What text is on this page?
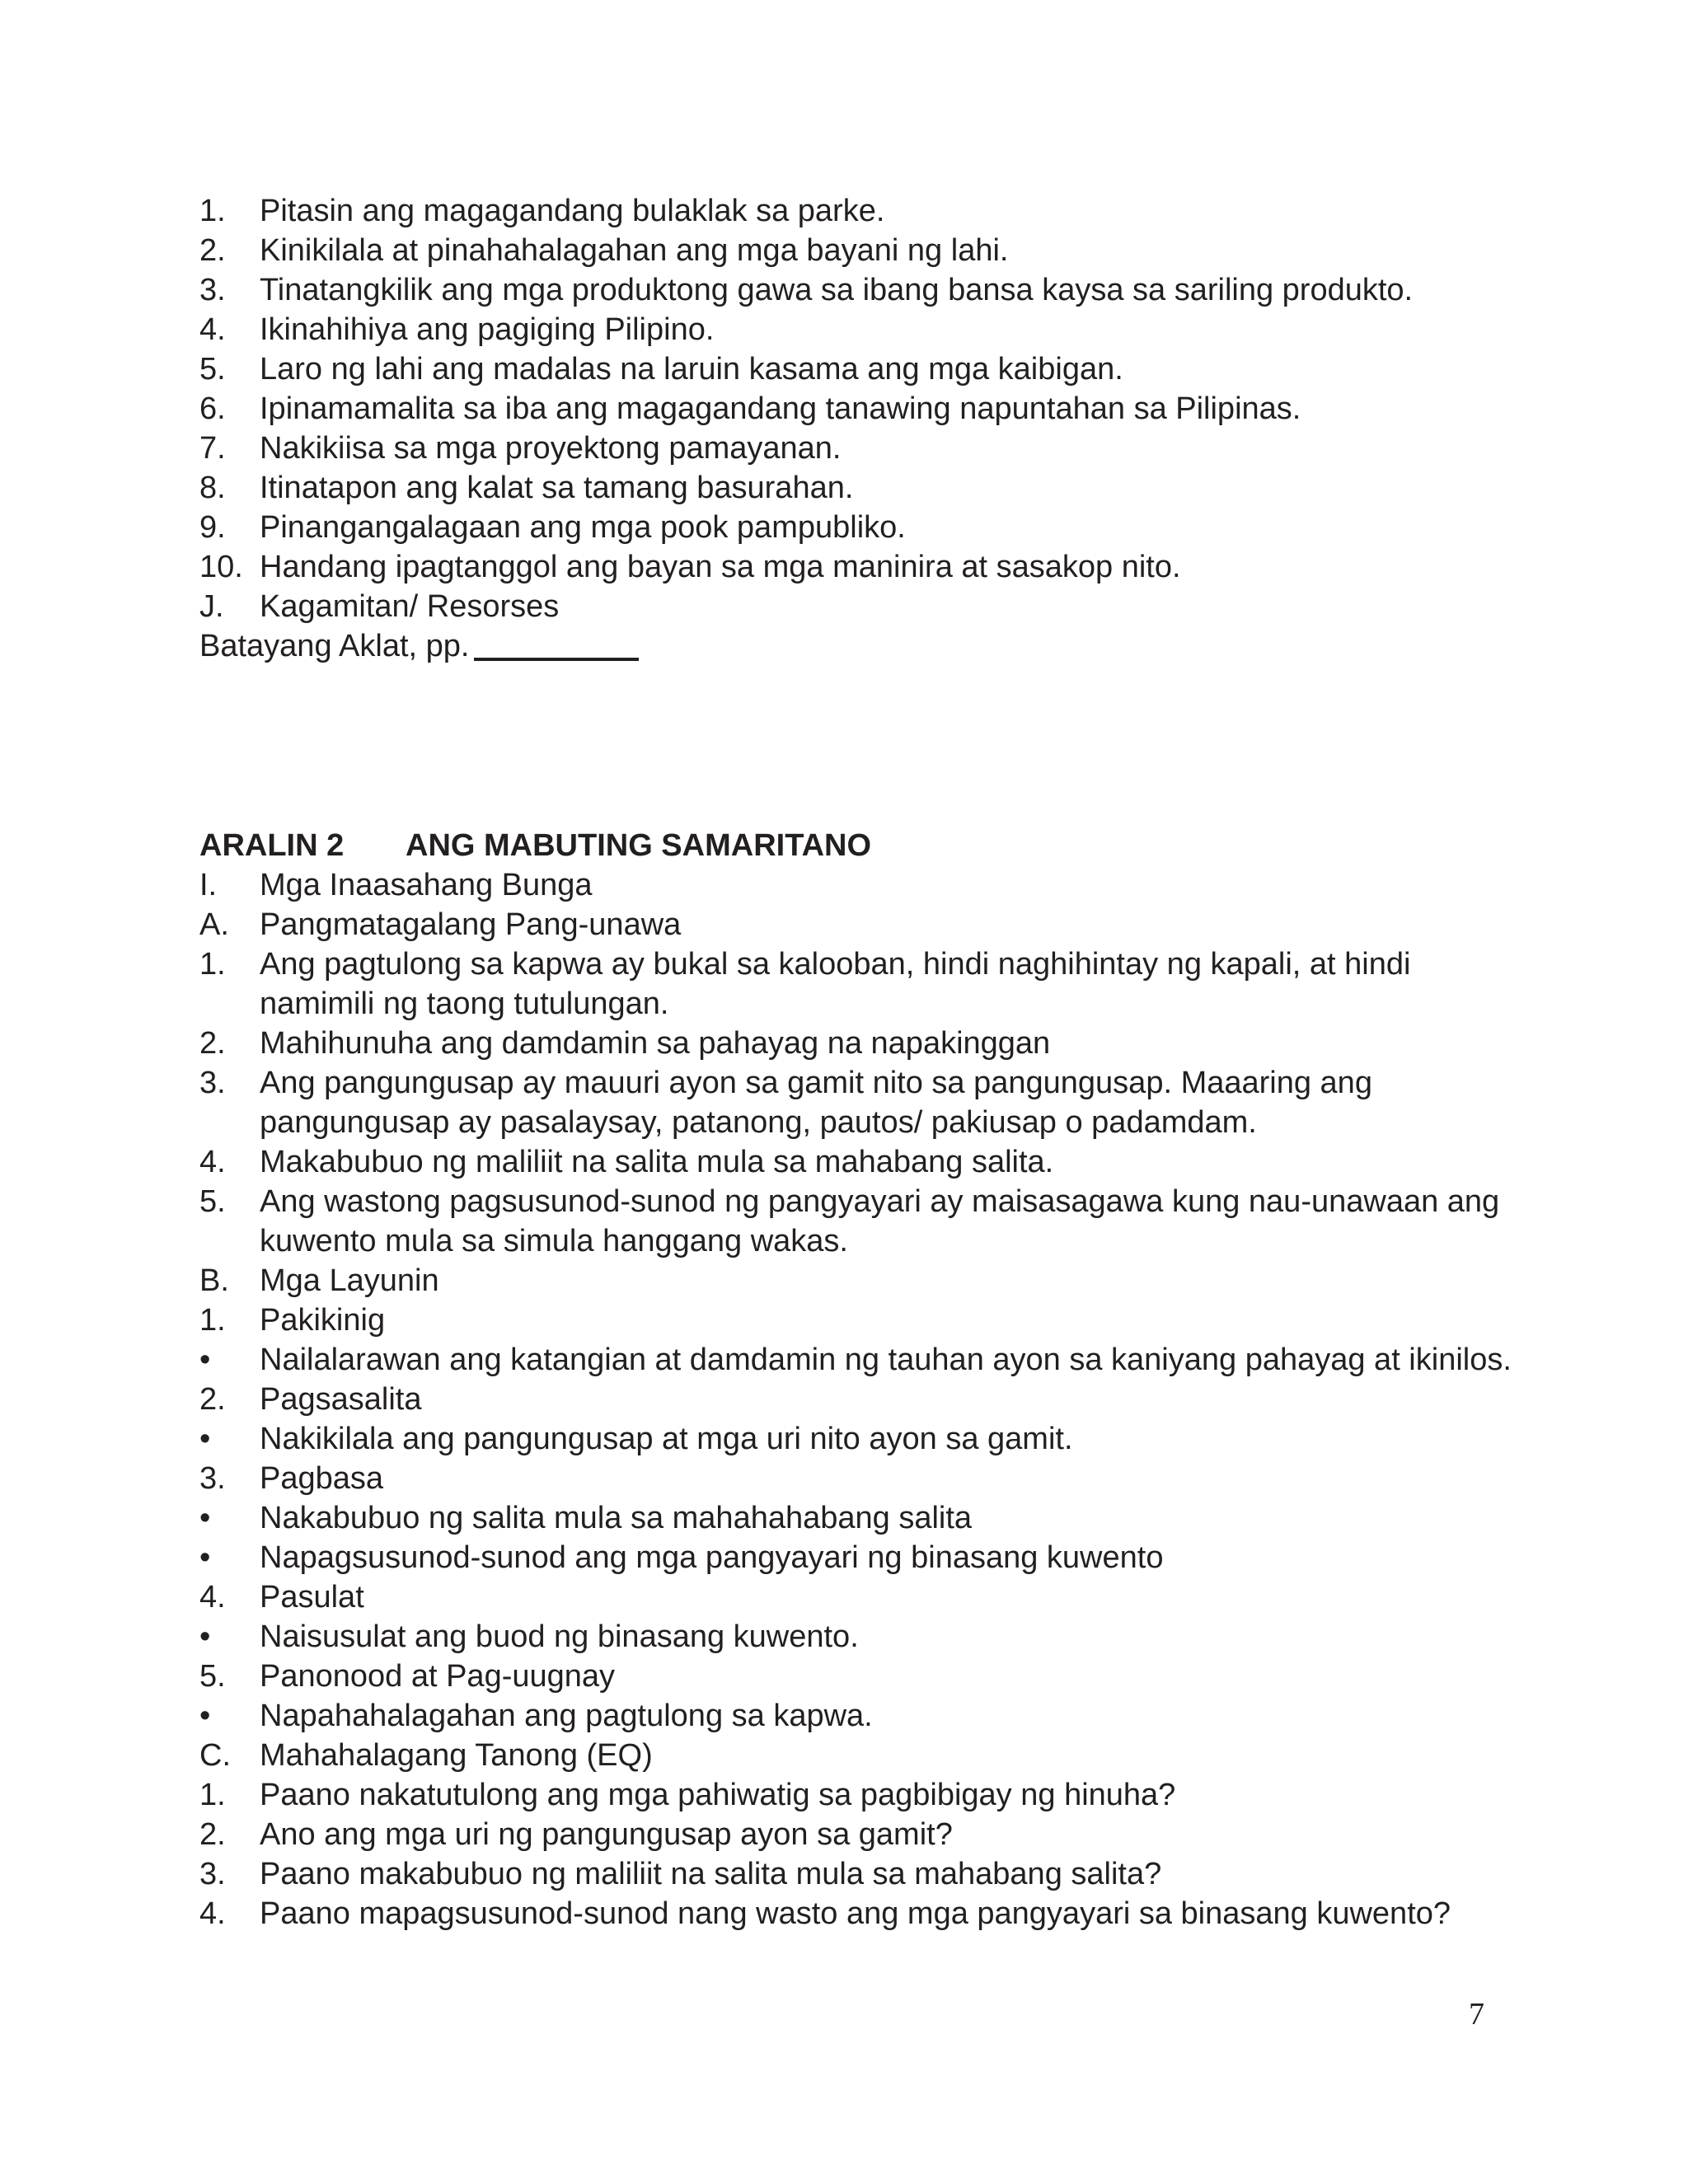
1.	Pitasin ang magagandang bulaklak sa parke.
2.	Kinikilala at pinahahalagahan ang mga bayani ng lahi.
3.	Tinatangkilik ang mga produktong gawa sa ibang bansa kaysa sa sariling produkto.
4.	Ikinahihiya ang pagiging Pilipino.
5.	Laro ng lahi ang madalas na laruin kasama ang mga kaibigan.
6.	Ipinamamalita sa iba ang magagandang tanawing napuntahan sa Pilipinas.
7.	Nakikiisa sa mga proyektong pamayanan.
8.	Itinatapon ang kalat sa tamang basurahan.
9.	Pinangangalagaan ang mga pook pampubliko.
10. Handang ipagtanggol ang bayan sa mga maninira at sasakop nito.
J.	Kagamitan/ Resorses
Batayang Aklat, pp.
ARALIN 2 ANG MABUTING SAMARITANO
I.	Mga Inaasahang Bunga
A. Pangmatagalang Pang-unawa
1.	Ang pagtulong sa kapwa ay bukal sa kalooban, hindi naghihintay ng kapali, at hindi namimili ng taong tutulungan.
2.	Mahihunuha ang damdamin sa pahayag na napakinggan
3.	Ang pangungusap ay mauuri ayon sa gamit nito sa pangungusap. Maaaring ang pangungusap ay pasalaysay, patanong, pautos/ pakiusap o padamdam.
4.	Makabubuo ng maliliit na salita mula sa mahabang salita.
5.	Ang wastong pagsusunod-sunod ng pangyayari ay maisasagawa kung nau-unawaan ang kuwento mula sa simula hanggang wakas.
B. Mga Layunin
1.	Pakikinig
•	Nailalarawan ang katangian at damdamin ng tauhan ayon sa kaniyang pahayag at ikinilos.
2.	Pagsasalita
•	Nakikilala ang pangungusap at mga uri nito ayon sa gamit.
3.	Pagbasa
•	Nakabubuo ng salita mula sa mahahahabang salita
•	Napagsusunod-sunod ang mga pangyayari ng binasang kuwento
4.	Pasulat
•	Naisusulat ang buod ng binasang kuwento.
5.	Panonood at Pag-uugnay
•	Napahahalagahan ang pagtulong sa kapwa.
C. Mahahalagang Tanong (EQ)
1.	Paano nakatutulong ang mga pahiwatig sa pagbibigay ng hinuha?
2.	Ano ang mga uri ng pangungusap ayon sa gamit?
3.	Paano makabubuo ng maliliit na salita mula sa mahabang salita?
4.	Paano mapagsusunod-sunod nang wasto ang mga pangyayari sa binasang kuwento?
7
